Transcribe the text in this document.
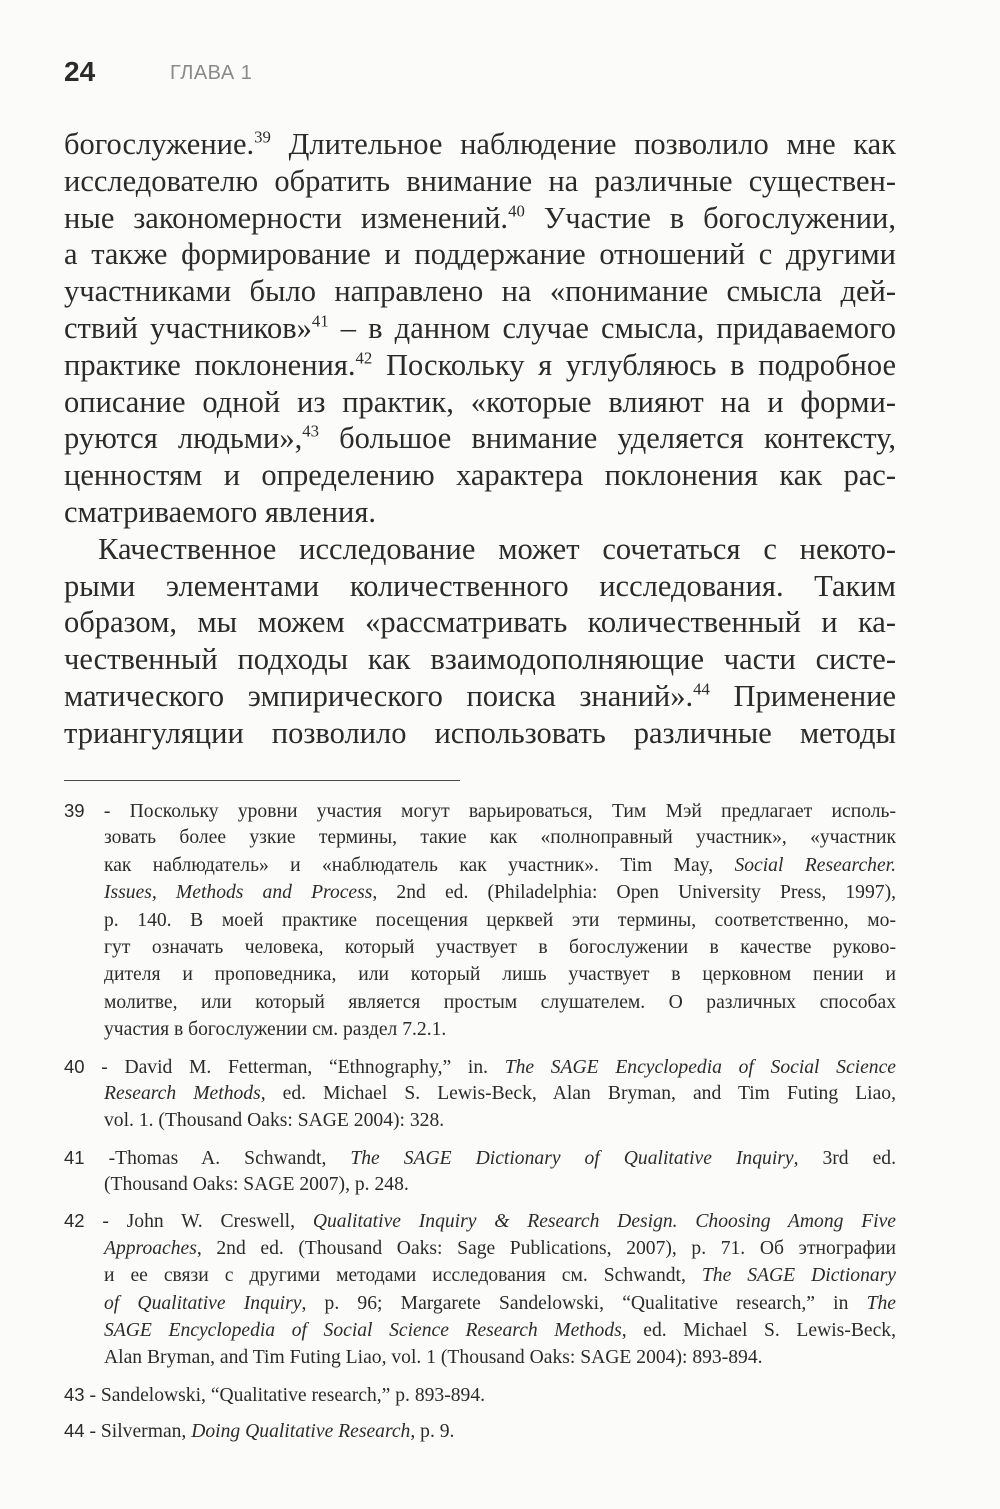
24	ГЛАВА 1
богослужение.$^{39}$ Длительное наблюдение позволило мне как
исследователю обратить внимание на различные существен-
ные закономерности изменений.$^{40}$ Участие в богослужении,
а также формирование и поддержание отношений с другими
участниками было направлено на «понимание смысла дей-
ствий участников»$^{41}$ – в данном случае смысла, придаваемого
практике поклонения.$^{42}$ Поскольку я углубляюсь в подробное
описание одной из практик, «которые влияют на и форми-
руются людьми»,$^{43}$ большое внимание уделяется контексту,
ценностям и определению характера поклонения как рас-
сматриваемого явления.
Качественное исследование может сочетаться с некото-
рыми элементами количественного исследования. Таким
образом, мы можем «рассматривать количественный и ка-
чественный подходы как взаимодополняющие части систе-
матического эмпирического поиска знаний».$^{44}$ Применение
триангуляции позволило использовать различные методы
39 - Поскольку уровни участия могут варьироваться, Тим Мэй предлагает исполь-
зовать более узкие термины, такие как «полноправный участник», «участник
как наблюдатель» и «наблюдатель как участник». Tim May, Social Researcher.
Issues, Methods and Process, 2nd ed. (Philadelphia: Open University Press, 1997),
p. 140. В моей практике посещения церквей эти термины, соответственно, мо-
гут означать человека, который участвует в богослужении в качестве руково-
дителя и проповедника, или который лишь участвует в церковном пении и
молитве, или который является простым слушателем. О различных способах
участия в богослужении см. раздел 7.2.1.
40 - David M. Fetterman, “Ethnography,” in. The SAGE Encyclopedia of Social Science
Research Methods, ed. Michael S. Lewis-Beck, Alan Bryman, and Tim Futing Liao,
vol. 1. (Thousand Oaks: SAGE 2004): 328.
41 -Thomas A. Schwandt, The SAGE Dictionary of Qualitative Inquiry, 3rd ed.
(Thousand Oaks: SAGE 2007), p. 248.
42 - John W. Creswell, Qualitative Inquiry & Research Design. Choosing Among Five
Approaches, 2nd ed. (Thousand Oaks: Sage Publications, 2007), p. 71. Об этнографии
и ее связи с другими методами исследования см. Schwandt, The SAGE Dictionary
of Qualitative Inquiry, p. 96; Margarete Sandelowski, “Qualitative research,” in The
SAGE Encyclopedia of Social Science Research Methods, ed. Michael S. Lewis-Beck,
Alan Bryman, and Tim Futing Liao, vol. 1 (Thousand Oaks: SAGE 2004): 893-894.
43 - Sandelowski, “Qualitative research,” p. 893-894.
44 - Silverman, Doing Qualitative Research, p. 9.
